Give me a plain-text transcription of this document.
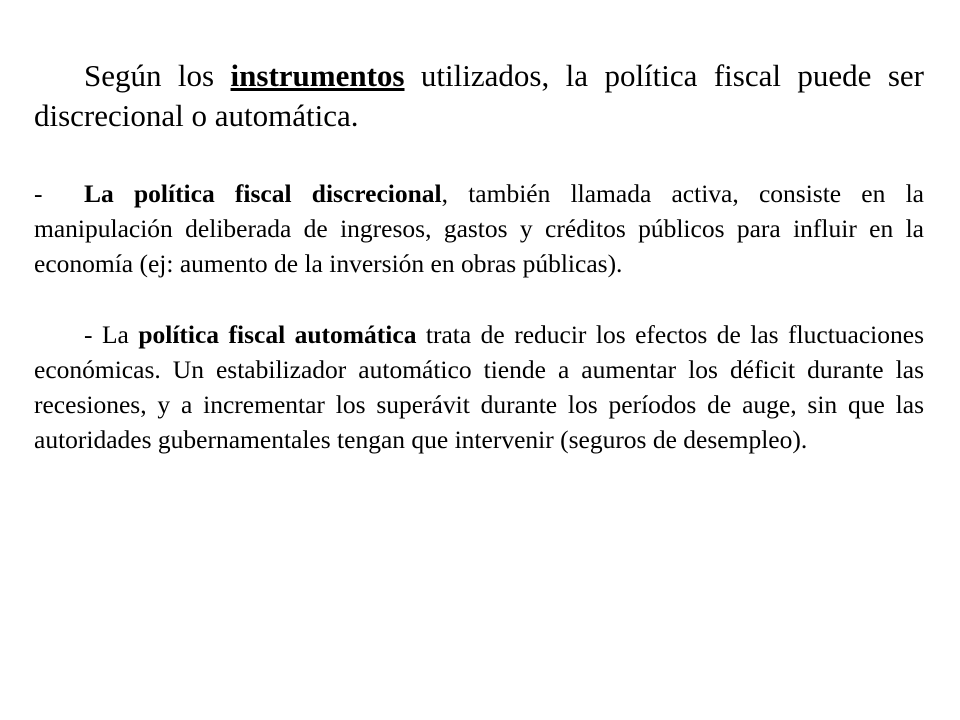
Según los instrumentos utilizados, la política fiscal puede ser discrecional o automática.

- La política fiscal discrecional, también llamada activa, consiste en la manipulación deliberada de ingresos, gastos y créditos públicos para influir en la economía (ej: aumento de la inversión en obras públicas).

- La política fiscal automática trata de reducir los efectos de las fluctuaciones económicas. Un estabilizador automático tiende a aumentar los déficit durante las recesiones, y a incrementar los superávit durante los períodos de auge, sin que las autoridades gubernamentales tengan que intervenir (seguros de desempleo).
